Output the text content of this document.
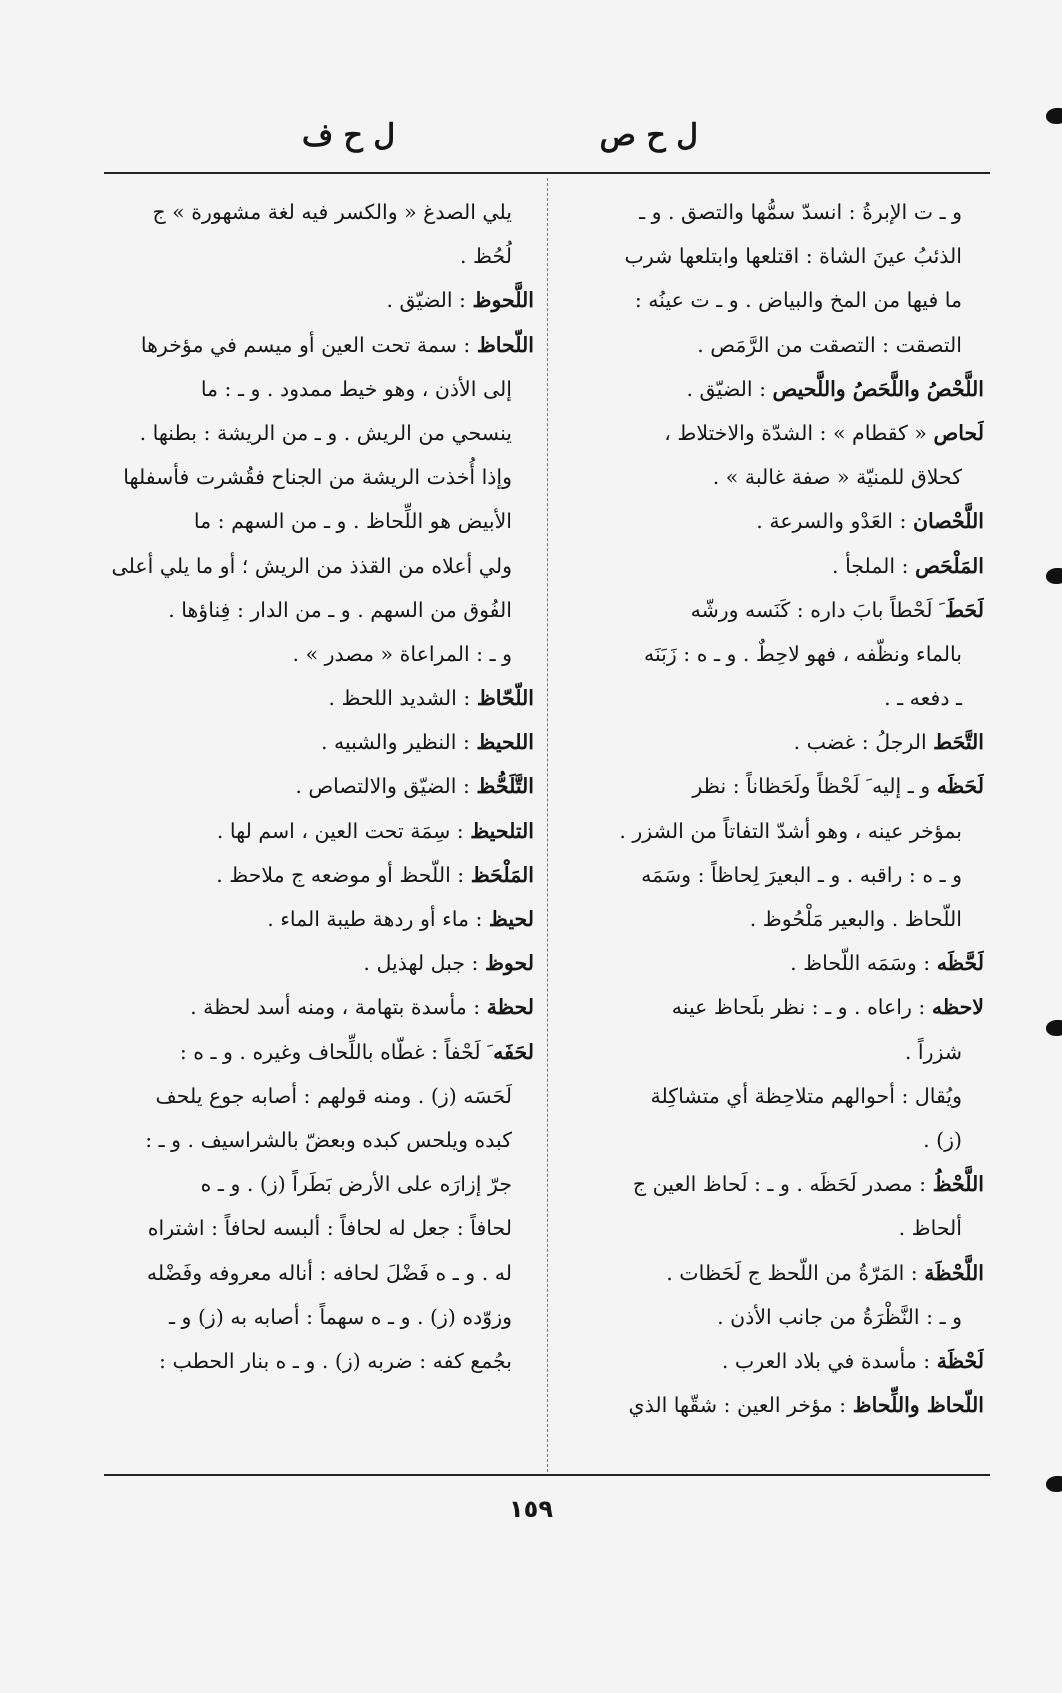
ل ح ص
ل ح ف
و ـ ت الإبرةُ : انسدّ سمُّها والتصق . و ـ
الذئبُ عينَ الشاة : اقتلعها وابتلعها شرب
ما فيها من المخ والبياض . و ـ ت عينُه :
التصقت : التصقت من الرَّمَص .
اللَّحْصُ واللَّحَصُ واللَّحيص : الضيّق .
لَحاص « كقطام » : الشدّة والاختلاط ،
كحلاق للمنيّة « صفة غالبة » .
اللَّحْصان : العَدْو والسرعة .
المَلْحَص : الملجأ .
لَحَطَ َ لَحْطاً بابَ داره : كَنَسه ورشّه
بالماء ونظّفه ، فهو لاحِطٌ . و ـ ه : زَبَنَه
ـ دفعه ـ .
التَّحَط الرجلُ : غضب .
لَحَظَه و ـ إليه َ لَحْظاً ولَحَظاناً : نظر
بمؤخر عينه ، وهو أشدّ التفاتاً من الشزر .
و ـ ه : راقبه . و ـ البعيرَ لِحاظاً : وسَمَه
اللّحاظ . والبعير مَلْحُوظ .
لَحَّظَه : وسَمَه اللّحاظ .
لاحظه : راعاه . و ـ : نظر بلَحاظ عينه
شزراً .
ويُقال : أحوالهم متلاحِظة أي متشاكِلة
(ز) .
اللَّحْظُ : مصدر لَحَظَه . و ـ : لَحاظ العين ج
ألحاظ .
اللَّحْظَة : المَرّةُ من اللّحظ ج لَحَظات .
و ـ : النَّظْرَةُ من جانب الأذن .
لَحْظَة : مأسدة في بلاد العرب .
اللّحاظ واللِّحاظ : مؤخر العين : شقّها الذي
يلي الصدغ « والكسر فيه لغة مشهورة » ج
لُحُظ .
اللَّحوظ : الضيّق .
اللّحاظ : سمة تحت العين أو ميسم في مؤخرها
إلى الأذن ، وهو خيط ممدود . و ـ : ما
ينسحي من الريش . و ـ من الريشة : بطنها .
وإذا أُخذت الريشة من الجناح فقُشرت فأسفلها
الأبيض هو اللِّحاظ . و ـ من السهم : ما
ولي أعلاه من القذذ من الريش ؛ أو ما يلي أعلى
الفُوق من السهم . و ـ من الدار : فِناؤها .
و ـ : المراعاة « مصدر » .
اللّحّاظ : الشديد اللحظ .
اللحيظ : النظير والشبيه .
التَّلَحُّظ : الضيّق والالتصاص .
التلحيظ : سِمَة تحت العين ، اسم لها .
المَلْحَظ : اللّحظ أو موضعه ج ملاحظ .
لحيظ : ماء أو ردهة طيبة الماء .
لحوظ : جبل لهذيل .
لحظة : مأسدة بتهامة ، ومنه أسد لحظة .
لحَفَه َ لَحْفاً : غطّاه باللِّحاف وغيره . و ـ ه :
لَحَسَه (ز) . ومنه قولهم : أصابه جوع يلحف
كبده ويلحس كبده وبعضّ بالشراسيف . و ـ :
جرّ إزارَه على الأرض بَطَراً (ز) . و ـ ه
لحافاً : جعل له لحافاً : ألبسه لحافاً : اشتراه
له . و ـ ه فَضْلَ لحافه : أناله معروفه وفَضْله
وزوّده (ز) . و ـ ه سهماً : أصابه به (ز) و ـ
بجُمع كفه : ضربه (ز) . و ـ ه بنار الحطب :
١٥٩
